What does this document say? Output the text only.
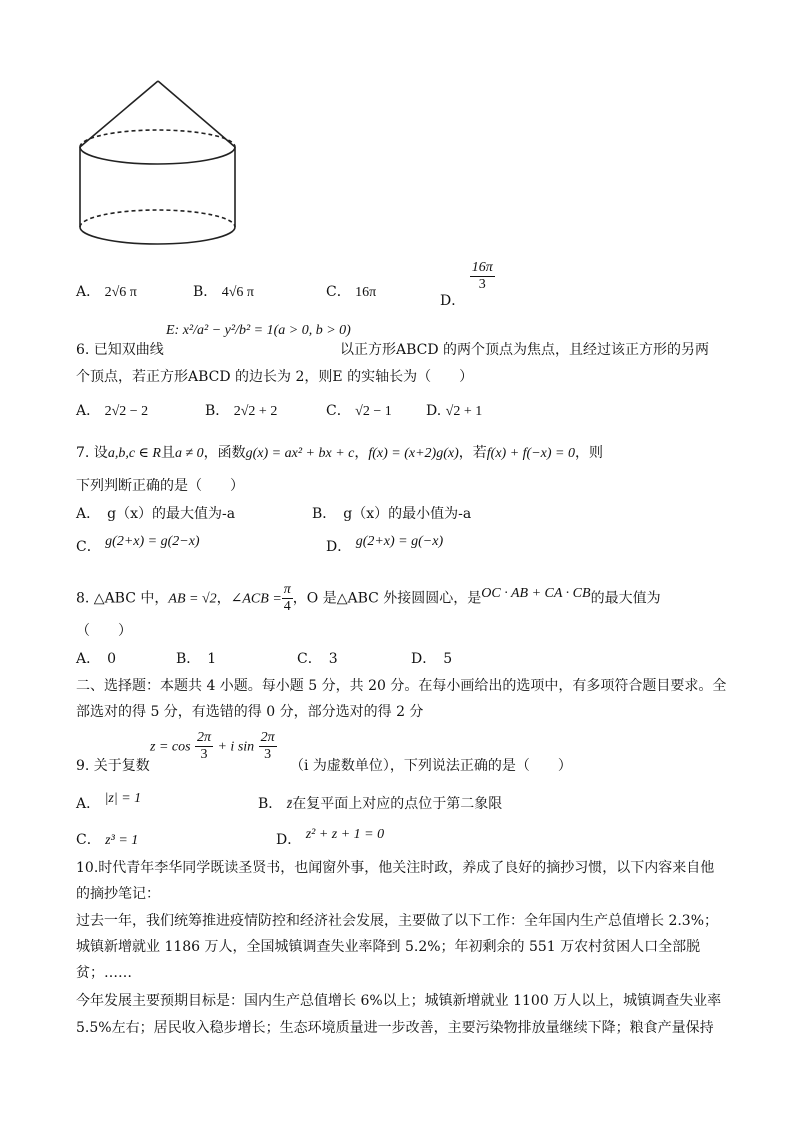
A． 2√6 π	B． 4√6 π	C． 16π	D．
$\frac{16\pi}{3}$
E: x²/a² − y²/b² = 1(a > 0, b > 0)
6. 已知双曲线	以正方形ABCD 的两个顶点为焦点，且经过该正方形的另两
个顶点，若正方形ABCD 的边长为 2，则E 的实轴长为（　　）
A． 2√2 − 2	B． 2√2 + 2	C． √2 − 1 D. √2 + 1
7. 设a,b,c ∈ R且a ≠ 0，函数g(x) = ax² + bx + c，f(x) = (x+2)g(x)，若f(x) + f(−x) = 0，则
下列判断正确的是（　　）
A．　g（x）的最大值为-a	B．　g（x）的最小值为-a
C． g(2+x) = g(2−x)	D． g(2+x) = g(−x)
8. △ABC 中，AB = √2，∠ACB = $\frac{\pi}{4}$ ，O 是△ABC 外接圆圆心，是OC · AB + CA · CB的最大值为
（　　）
A．　0	B．　1	C．　3	D．　5
二、选择题：本题共 4 小题。每小题 5 分，共 20 分。在每小画给出的选项中，有多项符合题目要求。全
部选对的得 5 分，有选错的得 0 分，部分选对的得 2 分
9. 关于复数
$z = \cos \frac{2\pi}{3} + i$ $\sin \frac{2\pi}{3}$
（i 为虚数单位），下列说法正确的是（　　）
A． |z| = 1	B． z̄在复平面上对应的点位于第二象限
C． z³ = 1	D． z² + z + 1 = 0
10.时代青年李华同学既读圣贤书，也闻窗外事，他关注时政，养成了良好的摘抄习惯，以下内容来自他
的摘抄笔记：
过去一年，我们统筹推进疫情防控和经济社会发展，主要做了以下工作：全年国内生产总值增长 2.3%；
城镇新增就业 1186 万人，全国城镇调查失业率降到 5.2%；年初剩余的 551 万农村贫困人口全部脱
贫；……
今年发展主要预期目标是：国内生产总值增长 6%以上；城镇新增就业 1100 万人以上，城镇调查失业率
5.5%左右；居民收入稳步增长；生态环境质量进一步改善，主要污染物排放量继续下降；粮食产量保持
